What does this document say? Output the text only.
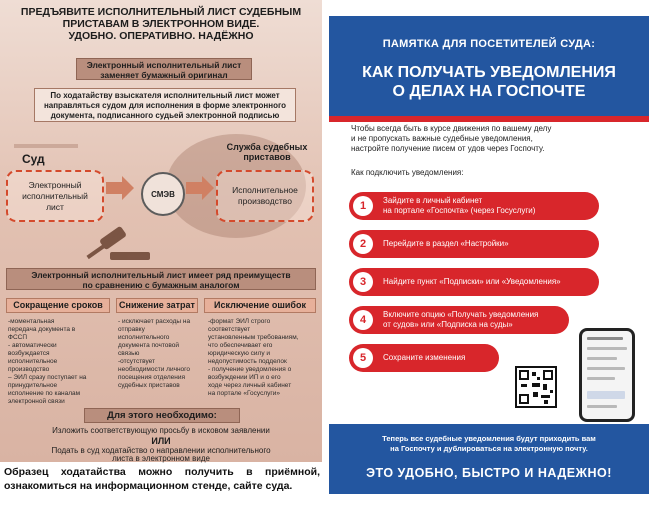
ПРЕДЪЯВИТЕ ИСПОЛНИТЕЛЬНЫЙ ЛИСТ СУДЕБНЫМ
ПРИСТАВАМ В ЭЛЕКТРОННОМ ВИДЕ.
УДОБНО. ОПЕРАТИВНО. НАДЁЖНО
Электронный исполнительный лист
заменяет бумажный оригинал
По ходатайству взыскателя исполнительный лист может
направляться судом для исполнения в форме электронного
документа, подписанного судьей электронной подписью
Суд
Служба судебных
приставов
Электронный
исполнительный
лист
СМЭВ	Исполнительное
производство
Электронный исполнительный лист имеет ряд преимуществ
по сравнению с бумажным аналогом
Сокращение сроков	Снижение затрат	Исключение ошибок
-моментальная
передача документа в
ФССП
- автоматически
возбуждается
исполнительное
производство
– ЭИЛ сразу поступает на
принудительное
исполнение по каналам
электронной связи
- исключает расходы на
отправку
исполнительного
документа почтовой
связью
-отсутствует
необходимости личного
посещения отделения
судебных приставов
-формат ЭИЛ строго
соответствует
установленным требованиям,
что обеспечивает его
юридическую силу и
недопустимость подделок
- получение уведомления о
возбуждении ИП и о его
ходе через личный кабинет
на портале «Госуслуги»
Для этого необходимо:
Изложить соответствующую просьбу в исковом заявлении
ИЛИ
Подать в суд ходатайство о направлении исполнительного
листа в электронном виде
Образец ходатайства можно получить в приёмной, ознакомиться на информационном стенде, сайте суда.
ПАМЯТКА ДЛЯ ПОСЕТИТЕЛЕЙ СУДА:
КАК ПОЛУЧАТЬ УВЕДОМЛЕНИЯ
О ДЕЛАХ НА ГОСПОЧТЕ
Чтобы всегда быть в курсе движения по вашему делу
и не пропускать важные судебные уведомления,
настройте получение писем от удов через Госпочту.
Как подключить уведомления:
1	Зайдите в личный кабинет
на портале «Госпочта» (через Госуслуги)
2	Перейдите в раздел «Настройки»
3	Найдите пункт «Подписки» или «Уведомления»
4	Включите опцию «Получать уведомления
от судов» или «Подписка на суды»
5	Сохраните изменения
Теперь все судебные уведомления будут приходить вам
на Госпочту и дублироваться на электронную почту.
ЭТО УДОБНО, БЫСТРО И НАДЕЖНО!
